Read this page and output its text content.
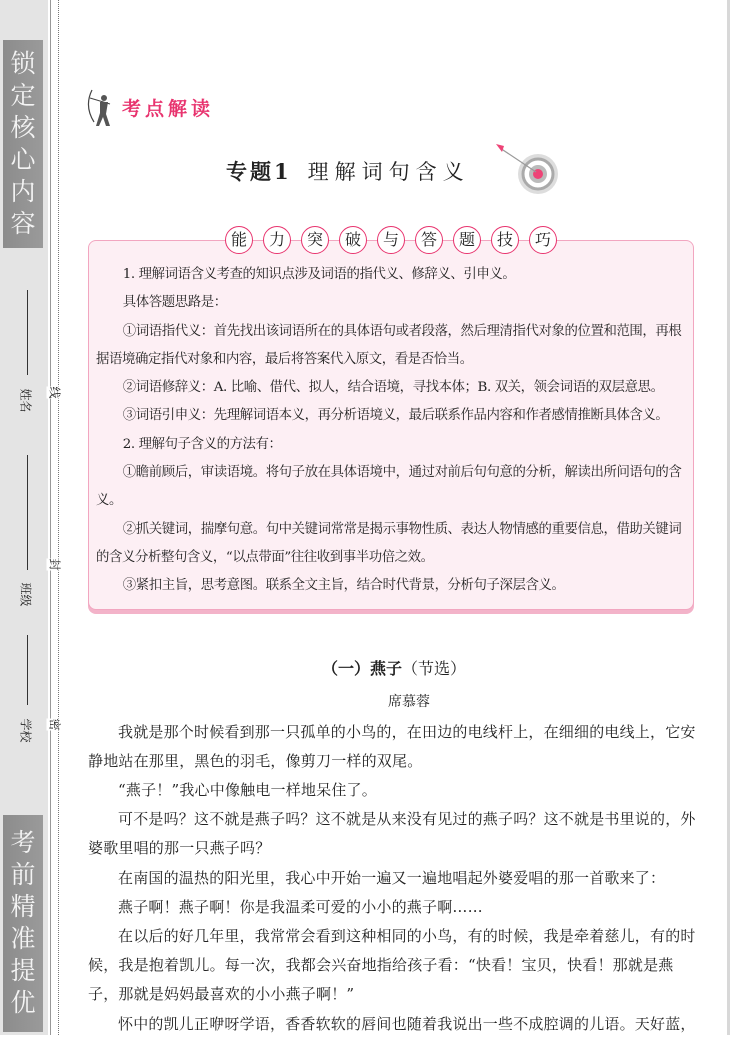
锁
定
核
心
内
容
考
前
精
准
提
优
姓名
班级
学校
线
封
密
考点解读
专题1 理解词句含义
能	力	突	破	与	答	题	技	巧

1. 理解词语含义考查的知识点涉及词语的指代义、修辞义、引申义。

具体答题思路是：

①词语指代义：首先找出该词语所在的具体语句或者段落，然后理清指代对象的位置和范围，再根据语境确定指代对象和内容，最后将答案代入原文，看是否恰当。

②词语修辞义：A. 比喻、借代、拟人，结合语境，寻找本体；B. 双关，领会词语的双层意思。

③词语引申义：先理解词语本义，再分析语境义，最后联系作品内容和作者感情推断具体含义。

2. 理解句子含义的方法有：

①瞻前顾后，审读语境。将句子放在具体语境中，通过对前后句句意的分析，解读出所问语句的含义。

②抓关键词，揣摩句意。句中关键词常常是揭示事物性质、表达人物情感的重要信息，借助关键词的含义分析整句含义，“以点带面”往往收到事半功倍之效。

③紧扣主旨，思考意图。联系全文主旨，结合时代背景，分析句子深层含义。

（一）燕子（节选）
席慕蓉

我就是那个时候看到那一只孤单的小鸟的，在田边的电线杆上，在细细的电线上，它安静地站在那里，黑色的羽毛，像剪刀一样的双尾。

“燕子！”我心中像触电一样地呆住了。

可不是吗？这不就是燕子吗？这不就是从来没有见过的燕子吗？这不就是书里说的，外婆歌里唱的那一只燕子吗？

在南国的温热的阳光里，我心中开始一遍又一遍地唱起外婆爱唱的那一首歌来了：

燕子啊！燕子啊！你是我温柔可爱的小小的燕子啊……

在以后的好几年里，我常常会看到这种相同的小鸟，有的时候，我是牵着慈儿，有的时候，我是抱着凯儿。每一次，我都会兴奋地指给孩子看：“快看！宝贝，快看！那就是燕子，那就是妈妈最喜欢的小小燕子啊！”

怀中的凯儿正咿呀学语，香香软软的唇间也随着我说出一些不成腔调的儿语。天好蓝，
